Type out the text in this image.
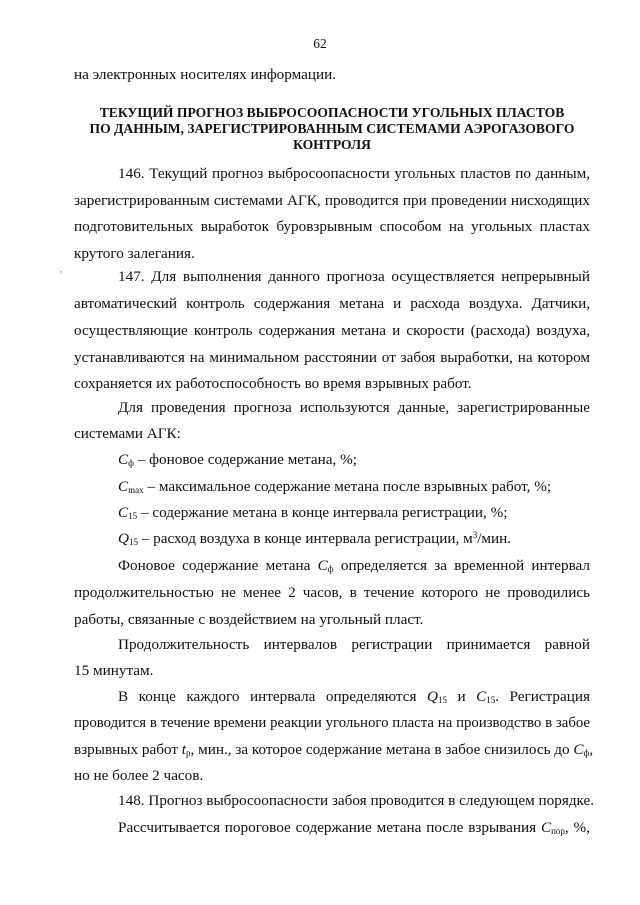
62
на электронных носителях информации.
ТЕКУЩИЙ ПРОГНОЗ ВЫБРОСООПАСНОСТИ УГОЛЬНЫХ ПЛАСТОВ
ПО ДАННЫМ, ЗАРЕГИСТРИРОВАННЫМ СИСТЕМАМИ АЭРОГАЗОВОГО
КОНТРОЛЯ
146. Текущий прогноз выбросоопасности угольных пластов по данным,
зарегистрированным системами АГК, проводится при проведении нисходящих
подготовительных выработок буровзрывным способом на угольных пластах
крутого залегания.
'	147. Для выполнения данного прогноза осуществляется непрерывный
автоматический контроль содержания метана и расхода воздуха. Датчики,
осуществляющие контроль содержания метана и скорости (расхода) воздуха,
устанавливаются на минимальном расстоянии от забоя выработки, на котором
сохраняется их работоспособность во время взрывных работ.
Для проведения прогноза используются данные, зарегистрированные
системами АГК:
$C_ф$ – фоновое содержание метана, %;
$C_{max}$ – максимальное содержание метана после взрывных работ, %;
$C_{15}$ – содержание метана в конце интервала регистрации, %;
$Q_{15}$ – расход воздуха в конце интервала регистрации, $м^3$/мин.
Фоновое содержание метана $C_ф$ определяется за временной интервал
продолжительностью не менее 2 часов, в течение которого не проводились
работы, связанные с воздействием на угольный пласт.
Продолжительность интервалов регистрации принимается равной
15 минутам.
В конце каждого интервала определяются $Q_{15}$ и $C_{15}$. Регистрация
проводится в течение времени реакции угольного пласта на производство в забое
взрывных работ $t_р$, мин., за которое содержание метана в забое снизилось до $C_ф$,
но не более 2 часов.
148. Прогноз выбросоопасности забоя проводится в следующем порядке.
Рассчитывается пороговое содержание метана после взрывания $C_{пор}$, %,
